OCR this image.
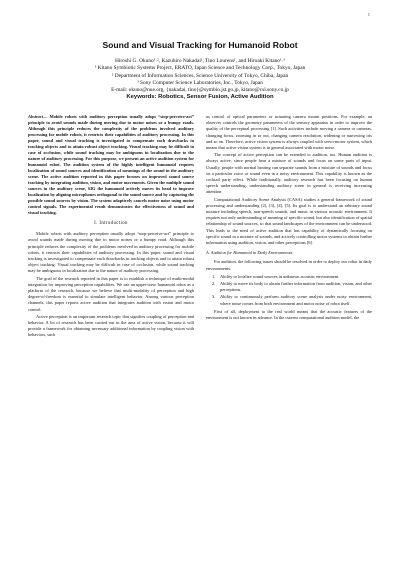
1
Sound and Visual Tracking for Humanoid Robot
Hiroshi G. Okuno¹˒², Kazuhiro Nakadai¹, Tino Lourens¹, and Hiroaki Kitano¹˒³
¹ Kitano Symbiotic Systems Project, ERATO, Japan Science and Technology Corp., Tokyo, Japan
² Department of Information Sciences, Science University of Tokyo, Chiba, Japan
³ Sony Computer Science Laboratories, Inc., Tokyo, Japan
E-mail: okuno@nue.org, {nakadai, tino}@symbio.jst.go.jp, kitano@csl.sony.co.jp
Keywords: Robotics, Sensor Fusion, Active Audition

Abstract— Mobile robots with auditory perception usually adopt “stop-perceive-act” principle to avoid sounds made during moving due to motor noises or a bumpy roads. Although this principle reduces the complexity of the problems involved auditory processing for mobile robots, it restricts their capabilities of auditory processing. In this paper, sound and visual tracking is investigated to compensate each drawbacks in tracking objects and to attain robust object tracking. Visual tracking may be difficult in case of occlusion, while sound tracking may be ambiguous in localization due to the nature of auditory processing. For this purpose, we present an active audition system for humanoid robot. The audition system of the highly intelligent humanoid requires localization of sound sources and identification of meanings of the sound in the auditory scene. The active audition reported in this paper focuses on improved sound source tracking by integrating audition, vision, and motor movements. Given the multiple sound sources in the auditory scene, SIG the humanoid actively moves its head to improve localization by aligning microphones orthogonal to the sound source and by capturing the possible sound sources by vision. The system adaptively cancels motor noise using motor control signals. The experimental result demonstrates the effectiveness of sound and visual tracking.

I. Introduction

Mobile robots with auditory perception usually adopt “stop-perceive-act” principle to avoid sounds made during moving due to motor noises or a bumpy road. Although this principle reduces the complexity of the problems involved in auditory processing for mobile robots, it restricts their capabilities of auditory processing. In this paper, sound and visual tracking is investigated to compensate each drawbacks in tracking objects and to attain robust object tracking. Visual tracking may be difficult in case of occlusion, while sound tracking may be ambiguous in localization due to the nature of auditory processing.

The goal of the research reported in this paper is to establish a technique of multi-modal integration for improving perception capabilities. We use an upper-torso humanoid robot as a platform of the research, because we believe that multi-modality of perception and high degree-of-freedom is essential to simulate intelligent behavior. Among various perception channels, this paper reports active audition that integrates audition with vision and motor control.

Active perception is an important research topic that signifies coupling of perception and behavior. A lot of research has been carried out in the area of active vision, because it will provide a framework for obtaining necessary additional information by coupling vision with behaviors, such

as control of optical parameters or actuating camera mount positions. For example, an observer controls the geometry parameters of the sensory apparatus in order to improve the quality of the perceptual processing [1]. Such activities include moving a camera or cameras, changing focus, zooming in or out, changing camera resolution, widening or narrowing iris and so on. Therefore, active vision system is always coupled with servo-motor system, which means that active vision system is in general associated with motor noise.

The concept of active perception can be extended to audition, too. Human audition is always active, since people hear a mixture of sounds and focus on some parts of input. Usually, people with normal hearing can separate sounds from a mixture of sounds and focus on a particular voice or sound even in a noisy environment. This capability is known as the cocktail party effect. While traditionally, auditory research has been focusing on human speech understanding, understanding auditory scene in general is receiving increasing attention.

Computational Auditory Scene Analysis (CASA) studies a general framework of sound processing and understanding [2], [3], [4], [5]. Its goal is to understand an arbitrary sound mixture including speech, non-speech sounds, and music in various acoustic environment. It requires not only understanding of meaning of specific sound, but also identification of spatial relationship of sound sources, so that sound landscapes of the environment can be understood. This leads to the need of active audition that has capability of dynamically focusing on specific sound in a mixture of sounds, and actively controlling motor systems to obtain further information using audition, vision, and other perceptions [6].

A. Audition for Humanoid in Daily Environments

For audition, the following issues should be resolved in order to deploy our robot in daily environments:

1.	Ability to localize sound sources in unknown acoustic environment.
2.	Ability to move its body to obtain further information from audition, vision, and other perceptions.
3.	Ability to continuously perform auditory scene analysis under noisy environment, where noise comes from both environment and motor noise of robot itself.

First of all, deployment to the real world means that the acoustic features of the environment is not known in advance. In the current computational audition model, the
